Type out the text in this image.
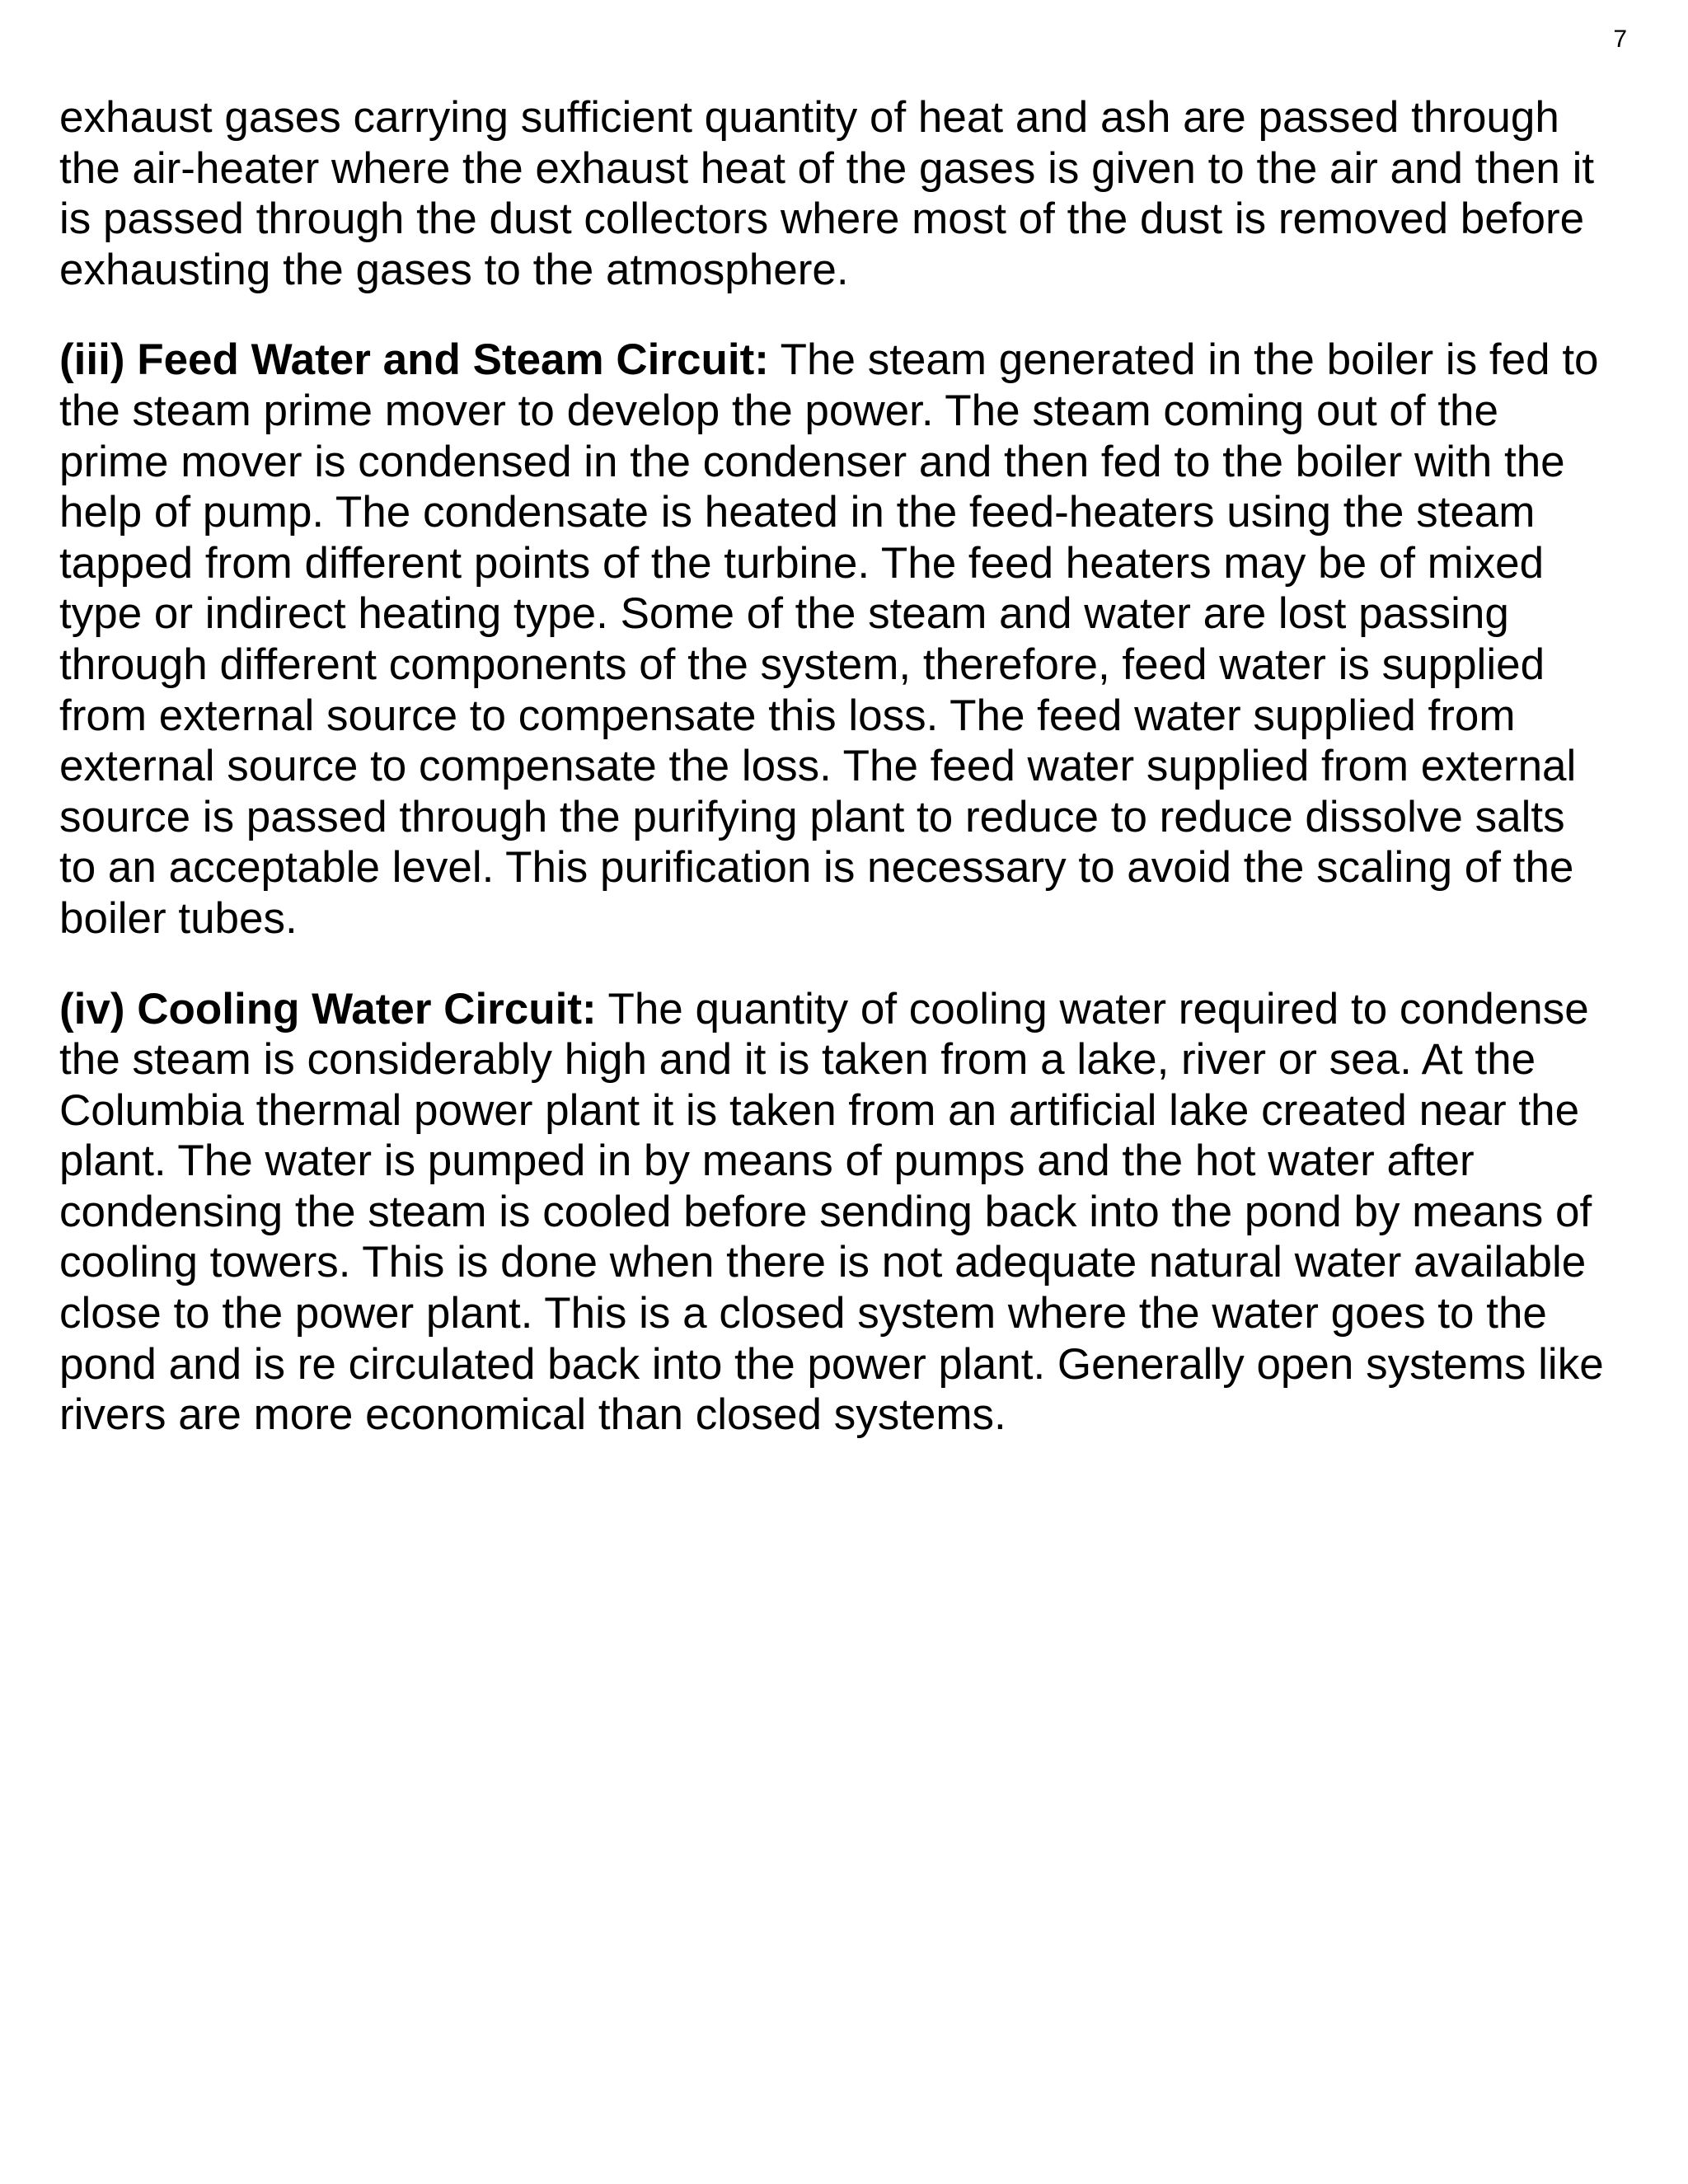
7

exhaust gases carrying sufficient quantity of heat and ash are passed through
the air-heater where the exhaust heat of the gases is given to the air and then it
is passed through the dust collectors where most of the dust is removed before
exhausting the gases to the atmosphere.

(iii) Feed Water and Steam Circuit: The steam generated in the boiler is fed to
the steam prime mover to develop the power. The steam coming out of the
prime mover is condensed in the condenser and then fed to the boiler with the
help of pump. The condensate is heated in the feed-heaters using the steam
tapped from different points of the turbine. The feed heaters may be of mixed
type or indirect heating type. Some of the steam and water are lost passing
through different components of the system, therefore, feed water is supplied
from external source to compensate this loss. The feed water supplied from
external source to compensate the loss. The feed water supplied from external
source is passed through the purifying plant to reduce to reduce dissolve salts
to an acceptable level. This purification is necessary to avoid the scaling of the
boiler tubes.

(iv) Cooling Water Circuit: The quantity of cooling water required to condense
the steam is considerably high and it is taken from a lake, river or sea. At the
Columbia thermal power plant it is taken from an artificial lake created near the
plant. The water is pumped in by means of pumps and the hot water after
condensing the steam is cooled before sending back into the pond by means of
cooling towers. This is done when there is not adequate natural water available
close to the power plant. This is a closed system where the water goes to the
pond and is re circulated back into the power plant. Generally open systems like
rivers are more economical than closed systems.
